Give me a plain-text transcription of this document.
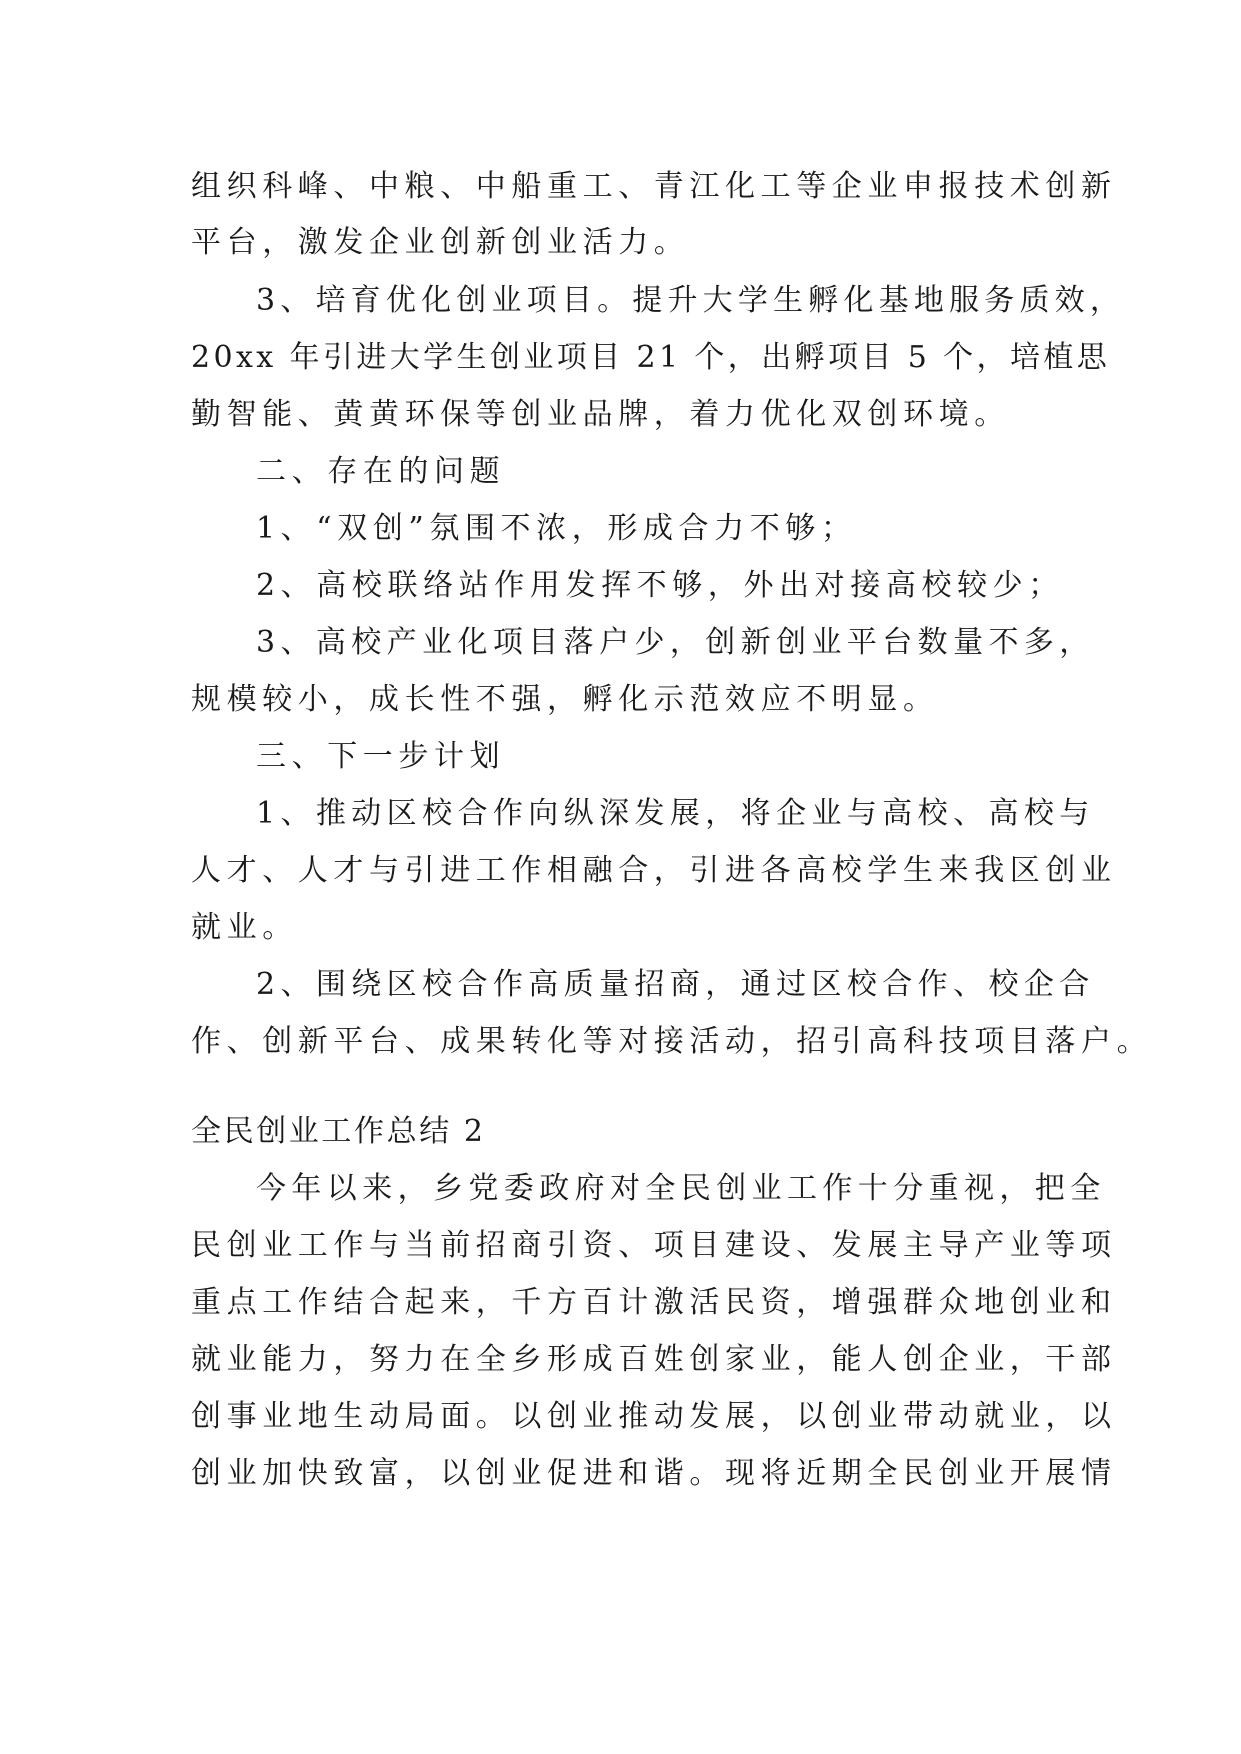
组织科峰、中粮、中船重工、青江化工等企业申报技术创新
平台，激发企业创新创业活力。
3、培育优化创业项目。提升大学生孵化基地服务质效，
20xx 年引进大学生创业项目 21 个，出孵项目 5 个，培植思
勤智能、黄黄环保等创业品牌，着力优化双创环境。
二、存在的问题
1、“双创”氛围不浓，形成合力不够；
2、高校联络站作用发挥不够，外出对接高校较少；
3、高校产业化项目落户少，创新创业平台数量不多，
规模较小，成长性不强，孵化示范效应不明显。
三、下一步计划
1、推动区校合作向纵深发展，将企业与高校、高校与
人才、人才与引进工作相融合，引进各高校学生来我区创业
就业。
2、围绕区校合作高质量招商，通过区校合作、校企合
作、创新平台、成果转化等对接活动，招引高科技项目落户。
全民创业工作总结 2
今年以来，乡党委政府对全民创业工作十分重视，把全
民创业工作与当前招商引资、项目建设、发展主导产业等项
重点工作结合起来，千方百计激活民资，增强群众地创业和
就业能力，努力在全乡形成百姓创家业，能人创企业，干部
创事业地生动局面。以创业推动发展，以创业带动就业，以
创业加快致富，以创业促进和谐。现将近期全民创业开展情
